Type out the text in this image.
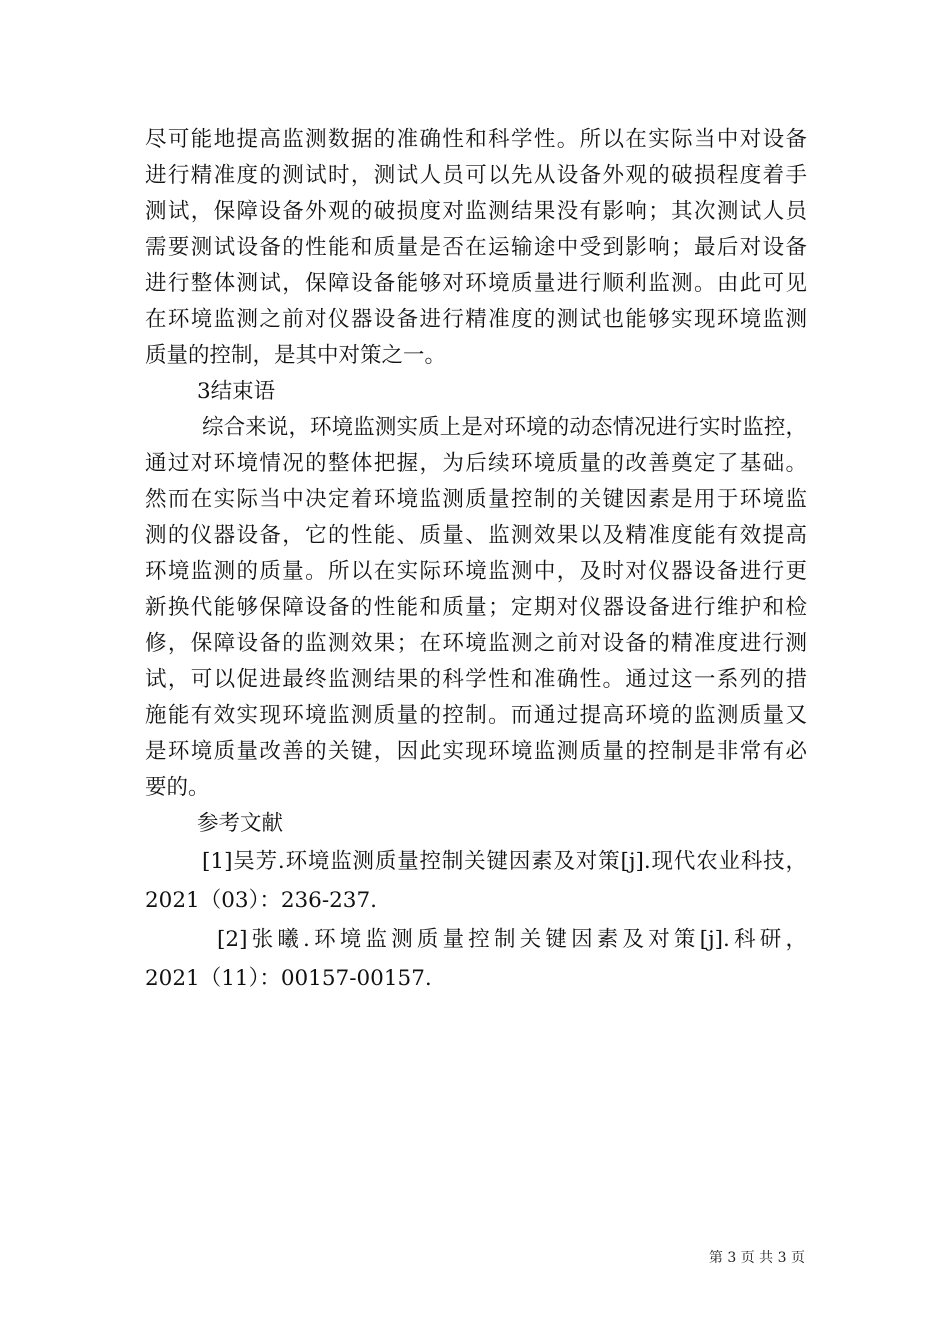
尽可能地提高监测数据的准确性和科学性。所以在实际当中对设备
进行精准度的测试时，测试人员可以先从设备外观的破损程度着手
测试，保障设备外观的破损度对监测结果没有影响；其次测试人员
需要测试设备的性能和质量是否在运输途中受到影响；最后对设备
进行整体测试，保障设备能够对环境质量进行顺利监测。由此可见
在环境监测之前对仪器设备进行精准度的测试也能够实现环境监测
质量的控制，是其中对策之一。
3结束语
综合来说，环境监测实质上是对环境的动态情况进行实时监控，
通过对环境情况的整体把握，为后续环境质量的改善奠定了基础。
然而在实际当中决定着环境监测质量控制的关键因素是用于环境监
测的仪器设备，它的性能、质量、监测效果以及精准度能有效提高
环境监测的质量。所以在实际环境监测中，及时对仪器设备进行更
新换代能够保障设备的性能和质量；定期对仪器设备进行维护和检
修，保障设备的监测效果；在环境监测之前对设备的精准度进行测
试，可以促进最终监测结果的科学性和准确性。通过这一系列的措
施能有效实现环境监测质量的控制。而通过提高环境的监测质量又
是环境质量改善的关键，因此实现环境监测质量的控制是非常有必
要的。
参考文献
[1]吴芳.环境监测质量控制关键因素及对策[j].现代农业科技，
2021（03）：236-237.
[2]张曦.环境监测质量控制关键因素及对策[j].科研，
2021（11）：00157-00157.
第 3 页 共 3 页
